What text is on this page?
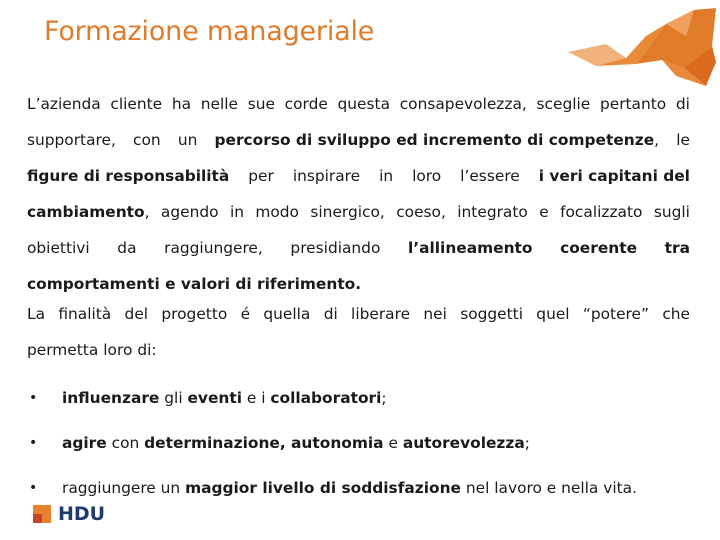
Formazione manageriale
L’azienda cliente ha nelle sue corde questa consapevolezza, sceglie pertanto di
supportare, con un percorso di sviluppo ed incremento di competenze, le
figure di responsabilità per inspirare in loro l’essere i veri capitani del
cambiamento, agendo in modo sinergico, coeso, integrato e focalizzato sugli
obiettivi da raggiungere, presidiando l’allineamento coerente tra
comportamenti e valori di riferimento.
La finalità del progetto é quella di liberare nei soggetti quel “potere” che
permetta loro di:
• influenzare gli eventi e i collaboratori;
• agire con determinazione, autonomia e autorevolezza;
• raggiungere un maggior livello di soddisfazione nel lavoro e nella vita.
HDU
